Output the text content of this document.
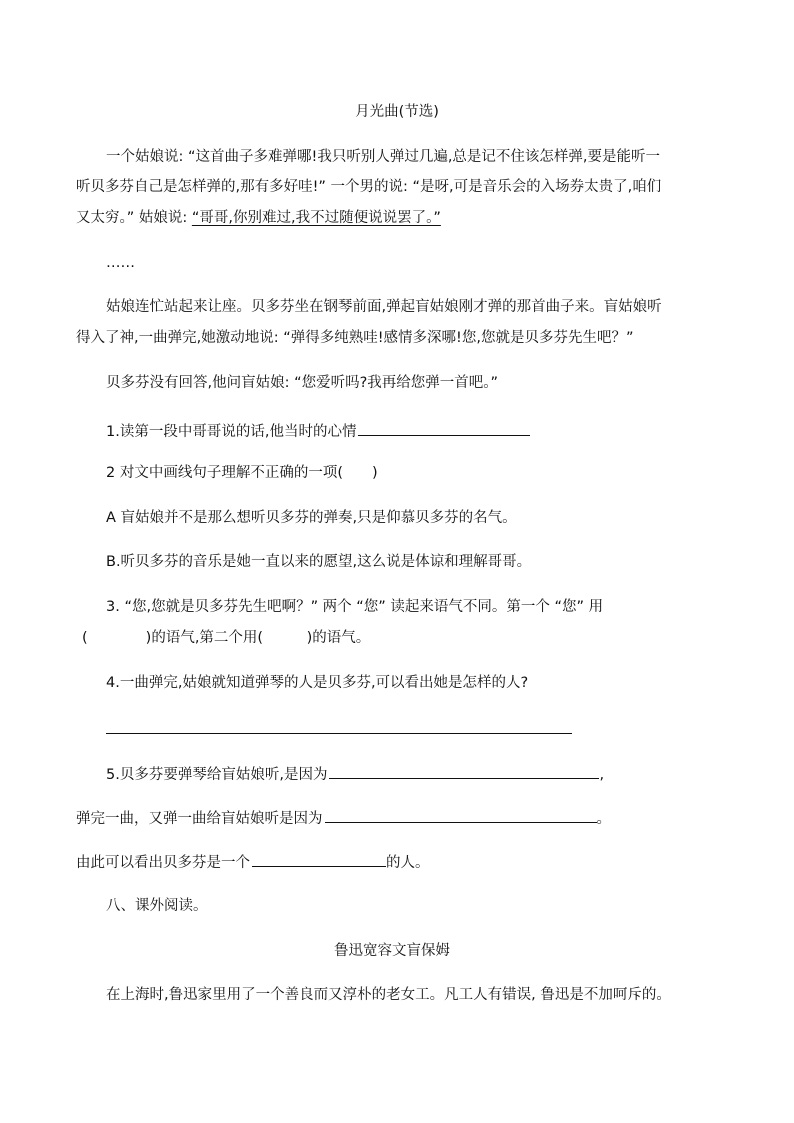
月光曲(节选)
一个姑娘说: “这首曲子多难弹哪!我只听别人弹过几遍,总是记不住该怎样弹,要是能听一
听贝多芬自己是怎样弹的,那有多好哇!” 一个男的说: “是呀,可是音乐会的入场券太贵了,咱们
又太穷。” 姑娘说: “哥哥,你别难过,我不过随便说说罢了。”
……
姑娘连忙站起来让座。贝多芬坐在钢琴前面,弹起盲姑娘刚才弹的那首曲子来。盲姑娘听
得入了神,一曲弹完,她激动地说: “弹得多纯熟哇!感情多深哪!您,您就是贝多芬先生吧？”
贝多芬没有回答,他问盲姑娘: “您爱听吗?我再给您弹一首吧。”
1.读第一段中哥哥说的话,他当时的心情
2 对文中画线句子理解不正确的一项(　　)
A 盲姑娘并不是那么想听贝多芬的弹奏,只是仰慕贝多芬的名气。
B.听贝多芬的音乐是她一直以来的愿望,这么说是体谅和理解哥哥。
3. “您,您就是贝多芬先生吧啊？” 两个 “您” 读起来语气不同。第一个 “您” 用
(　　　　)的语气,第二个用(　　　)的语气。
4.一曲弹完,姑娘就知道弹琴的人是贝多芬,可以看出她是怎样的人?
5.贝多芬要弹琴给盲姑娘听,是因为	,
弹完一曲，又弹一曲给盲姑娘听是因为	。
由此可以看出贝多芬是一个	的人。
八、课外阅读。
鲁迅宽容文盲保姆
在上海时,鲁迅家里用了一个善良而又淳朴的老女工。凡工人有错误, 鲁迅是不加呵斥的。
